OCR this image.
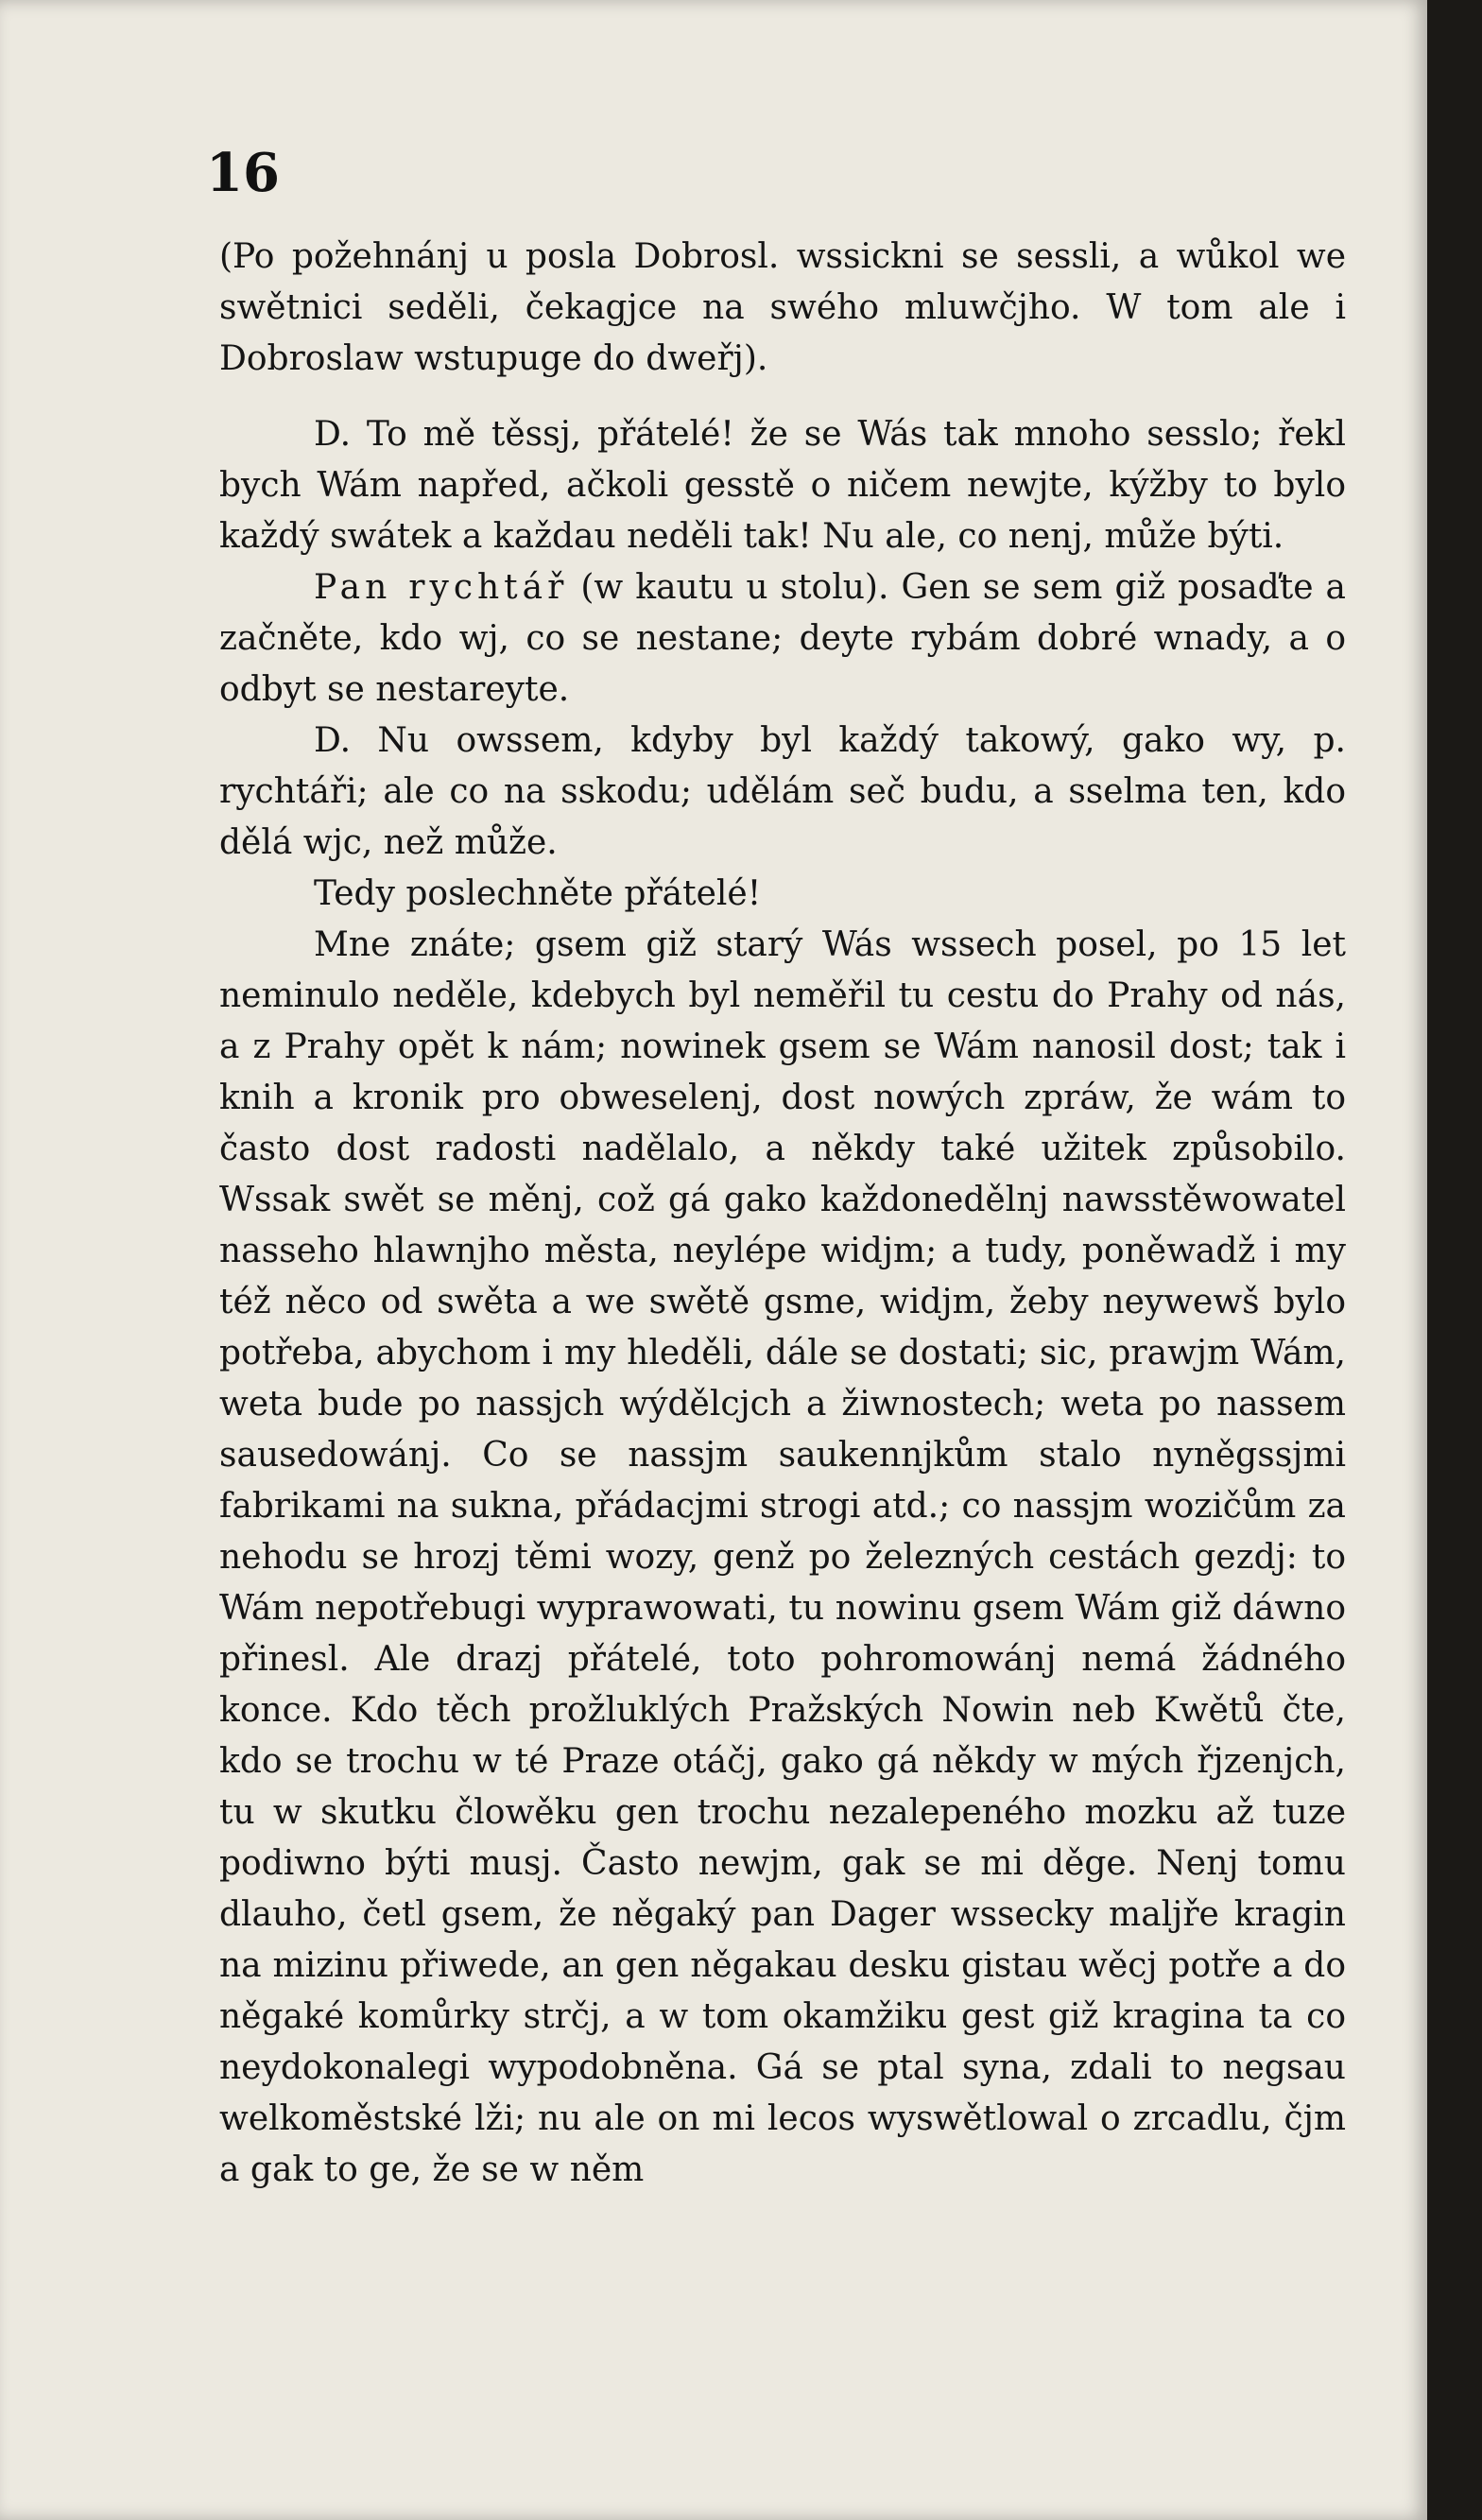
16

(Po požehnánj u posla Dobrosl. wssickni se sessli, a wůkol we swětnici seděli, čekagjce na swého mluwčjho. W tom ale i Dobroslaw wstupuge do dweřj).

D. To mě těssj, přátelé! že se Wás tak mnoho sesslo; řekl bych Wám napřed, ačkoli gesstě o ničem newjte, kýžby to bylo každý swátek a každau neděli tak! Nu ale, co nenj, může býti.

Pan rychtář (w kautu u stolu). Gen se sem giž posaďte a začněte, kdo wj, co se nestane; deyte rybám dobré wnady, a o odbyt se nestareyte.

D. Nu owssem, kdyby byl každý takowý, gako wy, p. rychtáři; ale co na sskodu; udělám seč budu, a sselma ten, kdo dělá wjc, než může.

Tedy poslechněte přátelé!

Mne znáte; gsem giž starý Wás wssech posel, po 15 let neminulo neděle, kdebych byl neměřil tu cestu do Prahy od nás, a z Prahy opět k nám; nowinek gsem se Wám nanosil dost; tak i knih a kronik pro obweselenj, dost nowých zpráw, že wám to často dost radosti nadělalo, a někdy také užitek způsobilo. Wssak swět se měnj, což gá gako každonedělnj nawsstěwowatel nasseho hlawnjho města, neylépe widjm; a tudy, poněwadž i my též něco od swěta a we swětě gsme, widjm, žeby neywewš bylo potřeba, abychom i my hleděli, dále se dostati; sic, prawjm Wám, weta bude po nassjch wýdělcjch a žiwnostech; weta po nassem sausedowánj. Co se nassjm saukennjkům stalo nyněgssjmi fabrikami na sukna, přádacjmi strogi atd.; co nassjm wozičům za nehodu se hrozj těmi wozy, genž po železných cestách gezdj: to Wám nepotřebugi wyprawowati, tu nowinu gsem Wám giž dáwno přinesl. Ale drazj přátelé, toto pohromowánj nemá žádného konce. Kdo těch prožluklých Pražských Nowin neb Kwětů čte, kdo se trochu w té Praze otáčj, gako gá někdy w mých řjzenjch, tu w skutku člowěku gen trochu nezalepeného mozku až tuze podiwno býti musj. Často newjm, gak se mi děge. Nenj tomu dlauho, četl gsem, že něgaký pan Dager wssecky maljře kragin na mizinu přiwede, an gen něgakau desku gistau wěcj potře a do něgaké komůrky strčj, a w tom okamžiku gest giž kragina ta co neydokonalegi wypodobněna. Gá se ptal syna, zdali to negsau welkoměstské lži; nu ale on mi lecos wyswětlowal o zrcadlu, čjm a gak to ge, že se w něm
